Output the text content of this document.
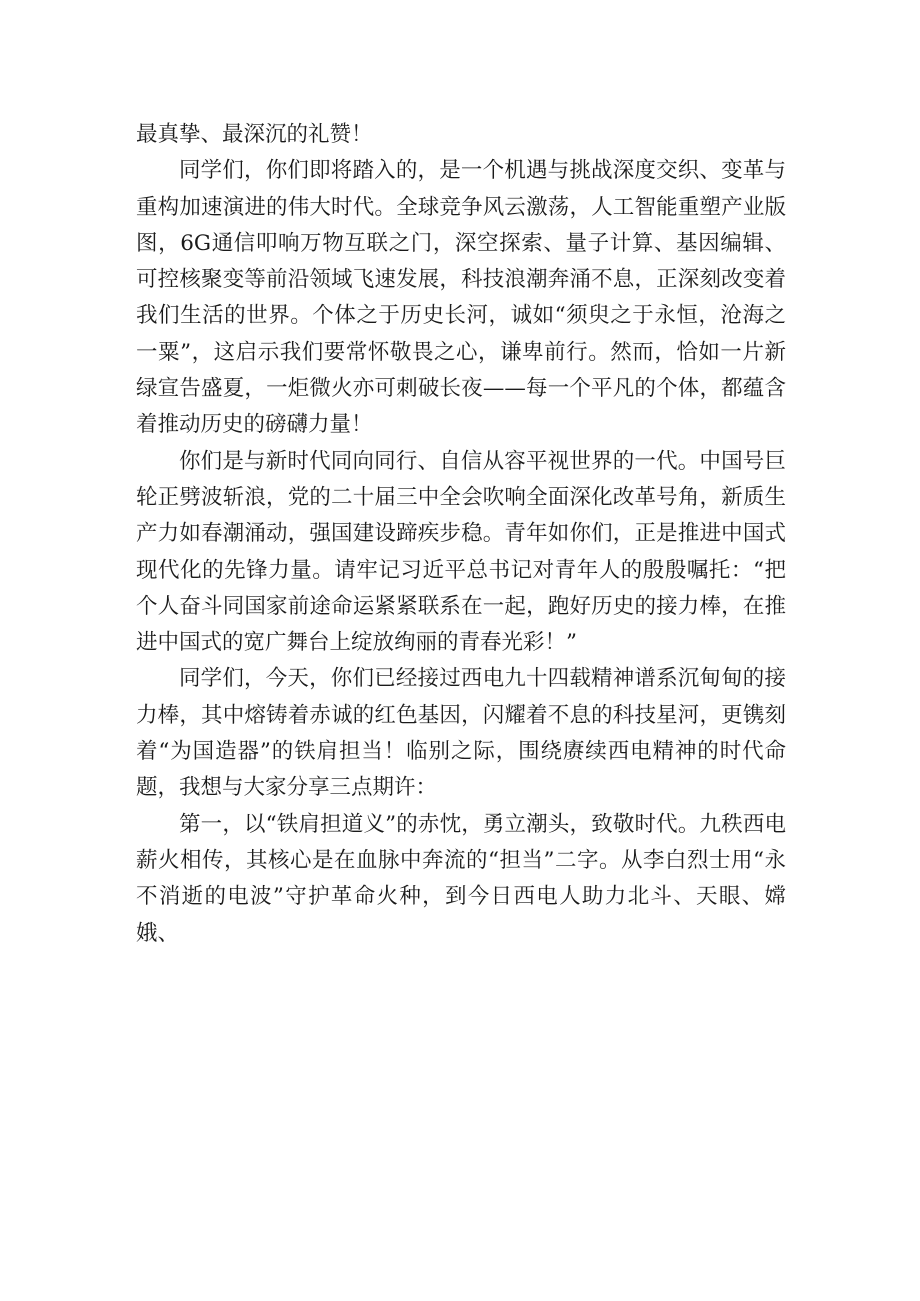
最真挚、最深沉的礼赞！

同学们，你们即将踏入的，是一个机遇与挑战深度交织、变革与重构加速演进的伟大时代。全球竞争风云激荡，人工智能重塑产业版图，6G通信叩响万物互联之门，深空探索、量子计算、基因编辑、可控核聚变等前沿领域飞速发展，科技浪潮奔涌不息，正深刻改变着我们生活的世界。个体之于历史长河，诚如“须臾之于永恒，沧海之一粟”，这启示我们要常怀敬畏之心，谦卑前行。然而，恰如一片新绿宣告盛夏，一炬微火亦可刺破长夜——每一个平凡的个体，都蕴含着推动历史的磅礴力量！

你们是与新时代同向同行、自信从容平视世界的一代。中国号巨轮正劈波斩浪，党的二十届三中全会吹响全面深化改革号角，新质生产力如春潮涌动，强国建设蹄疾步稳。青年如你们，正是推进中国式现代化的先锋力量。请牢记习近平总书记对青年人的殷殷嘱托：“把个人奋斗同国家前途命运紧紧联系在一起，跑好历史的接力棒，在推进中国式的宽广舞台上绽放绚丽的青春光彩！”

同学们，今天，你们已经接过西电九十四载精神谱系沉甸甸的接力棒，其中熔铸着赤诚的红色基因，闪耀着不息的科技星河，更镌刻着“为国造器”的铁肩担当！临别之际，围绕赓续西电精神的时代命题，我想与大家分享三点期许：

第一，以“铁肩担道义”的赤忱，勇立潮头，致敬时代。九秩西电薪火相传，其核心是在血脉中奔流的“担当”二字。从李白烈士用“永不消逝的电波”守护革命火种，到今日西电人助力北斗、天眼、嫦娥、
